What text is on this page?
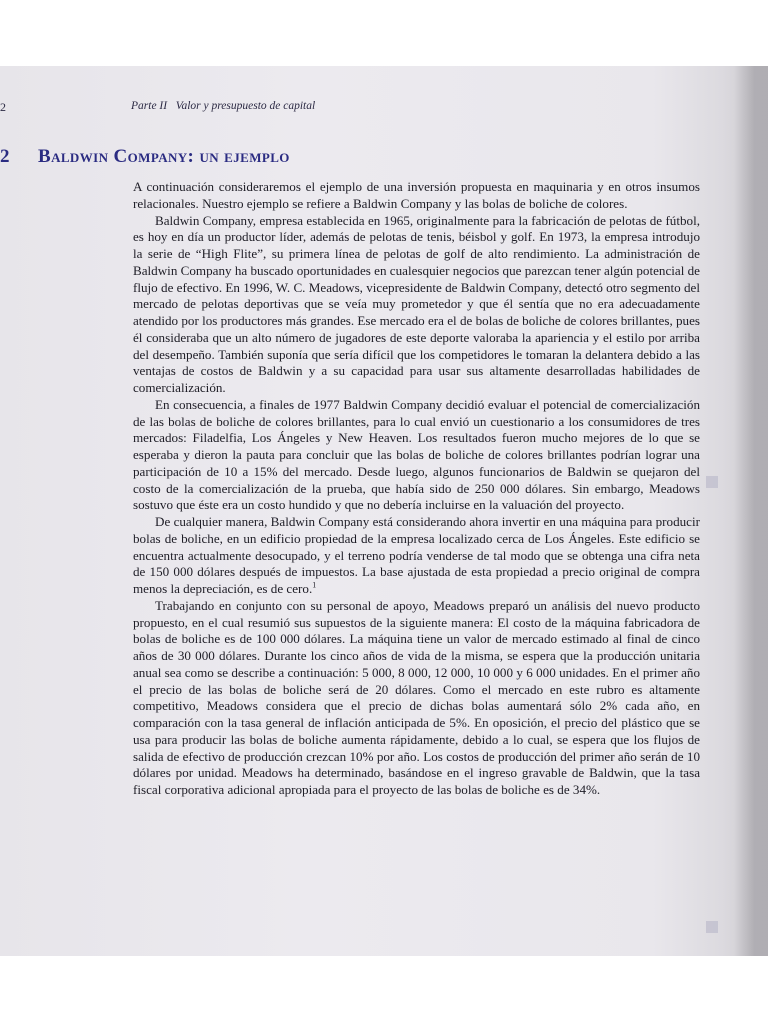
2	Parte II Valor y presupuesto de capital
2 Baldwin Company: un ejemplo

A continuación consideraremos el ejemplo de una inversión propuesta en maquinaria y en otros insumos relacionales. Nuestro ejemplo se refiere a Baldwin Company y las bolas de boliche de colores.

Baldwin Company, empresa establecida en 1965, originalmente para la fabricación de pelotas de fútbol, es hoy en día un productor líder, además de pelotas de tenis, béisbol y golf. En 1973, la empresa introdujo la serie de “High Flite”, su primera línea de pelotas de golf de alto rendimiento. La administración de Baldwin Company ha buscado oportunidades en cualesquier negocios que parezcan tener algún potencial de flujo de efectivo. En 1996, W. C. Meadows, vicepresidente de Baldwin Company, detectó otro segmento del mercado de pelotas deportivas que se veía muy prometedor y que él sentía que no era adecuadamente atendido por los productores más grandes. Ese mercado era el de bolas de boliche de colores brillantes, pues él consideraba que un alto número de jugadores de este deporte valoraba la apariencia y el estilo por arriba del desempeño. También suponía que sería difícil que los competidores le tomaran la delantera debido a las ventajas de costos de Baldwin y a su capacidad para usar sus altamente desarrolladas habilidades de comercialización.

En consecuencia, a finales de 1977 Baldwin Company decidió evaluar el potencial de comercialización de las bolas de boliche de colores brillantes, para lo cual envió un cuestionario a los consumidores de tres mercados: Filadelfia, Los Ángeles y New Heaven. Los resultados fueron mucho mejores de lo que se esperaba y dieron la pauta para concluir que las bolas de boliche de colores brillantes podrían lograr una participación de 10 a 15% del mercado. Desde luego, algunos funcionarios de Baldwin se quejaron del costo de la comercialización de la prueba, que había sido de 250 000 dólares. Sin embargo, Meadows sostuvo que éste era un costo hundido y que no debería incluirse en la valuación del proyecto.

De cualquier manera, Baldwin Company está considerando ahora invertir en una máquina para producir bolas de boliche, en un edificio propiedad de la empresa localizado cerca de Los Ángeles. Este edificio se encuentra actualmente desocupado, y el terreno podría venderse de tal modo que se obtenga una cifra neta de 150 000 dólares después de impuestos. La base ajustada de esta propiedad a precio original de compra menos la depreciación, es de cero.$^1$

Trabajando en conjunto con su personal de apoyo, Meadows preparó un análisis del nuevo producto propuesto, en el cual resumió sus supuestos de la siguiente manera: El costo de la máquina fabricadora de bolas de boliche es de 100 000 dólares. La máquina tiene un valor de mercado estimado al final de cinco años de 30 000 dólares. Durante los cinco años de vida de la misma, se espera que la producción unitaria anual sea como se describe a continuación: 5 000, 8 000, 12 000, 10 000 y 6 000 unidades. En el primer año el precio de las bolas de boliche será de 20 dólares. Como el mercado en este rubro es altamente competitivo, Meadows considera que el precio de dichas bolas aumentará sólo 2% cada año, en comparación con la tasa general de inflación anticipada de 5%. En oposición, el precio del plástico que se usa para producir las bolas de boliche aumenta rápidamente, debido a lo cual, se espera que los flujos de salida de efectivo de producción crezcan 10% por año. Los costos de producción del primer año serán de 10 dólares por unidad. Meadows ha determinado, basándose en el ingreso gravable de Baldwin, que la tasa fiscal corporativa adicional apropiada para el proyecto de las bolas de boliche es de 34%.
